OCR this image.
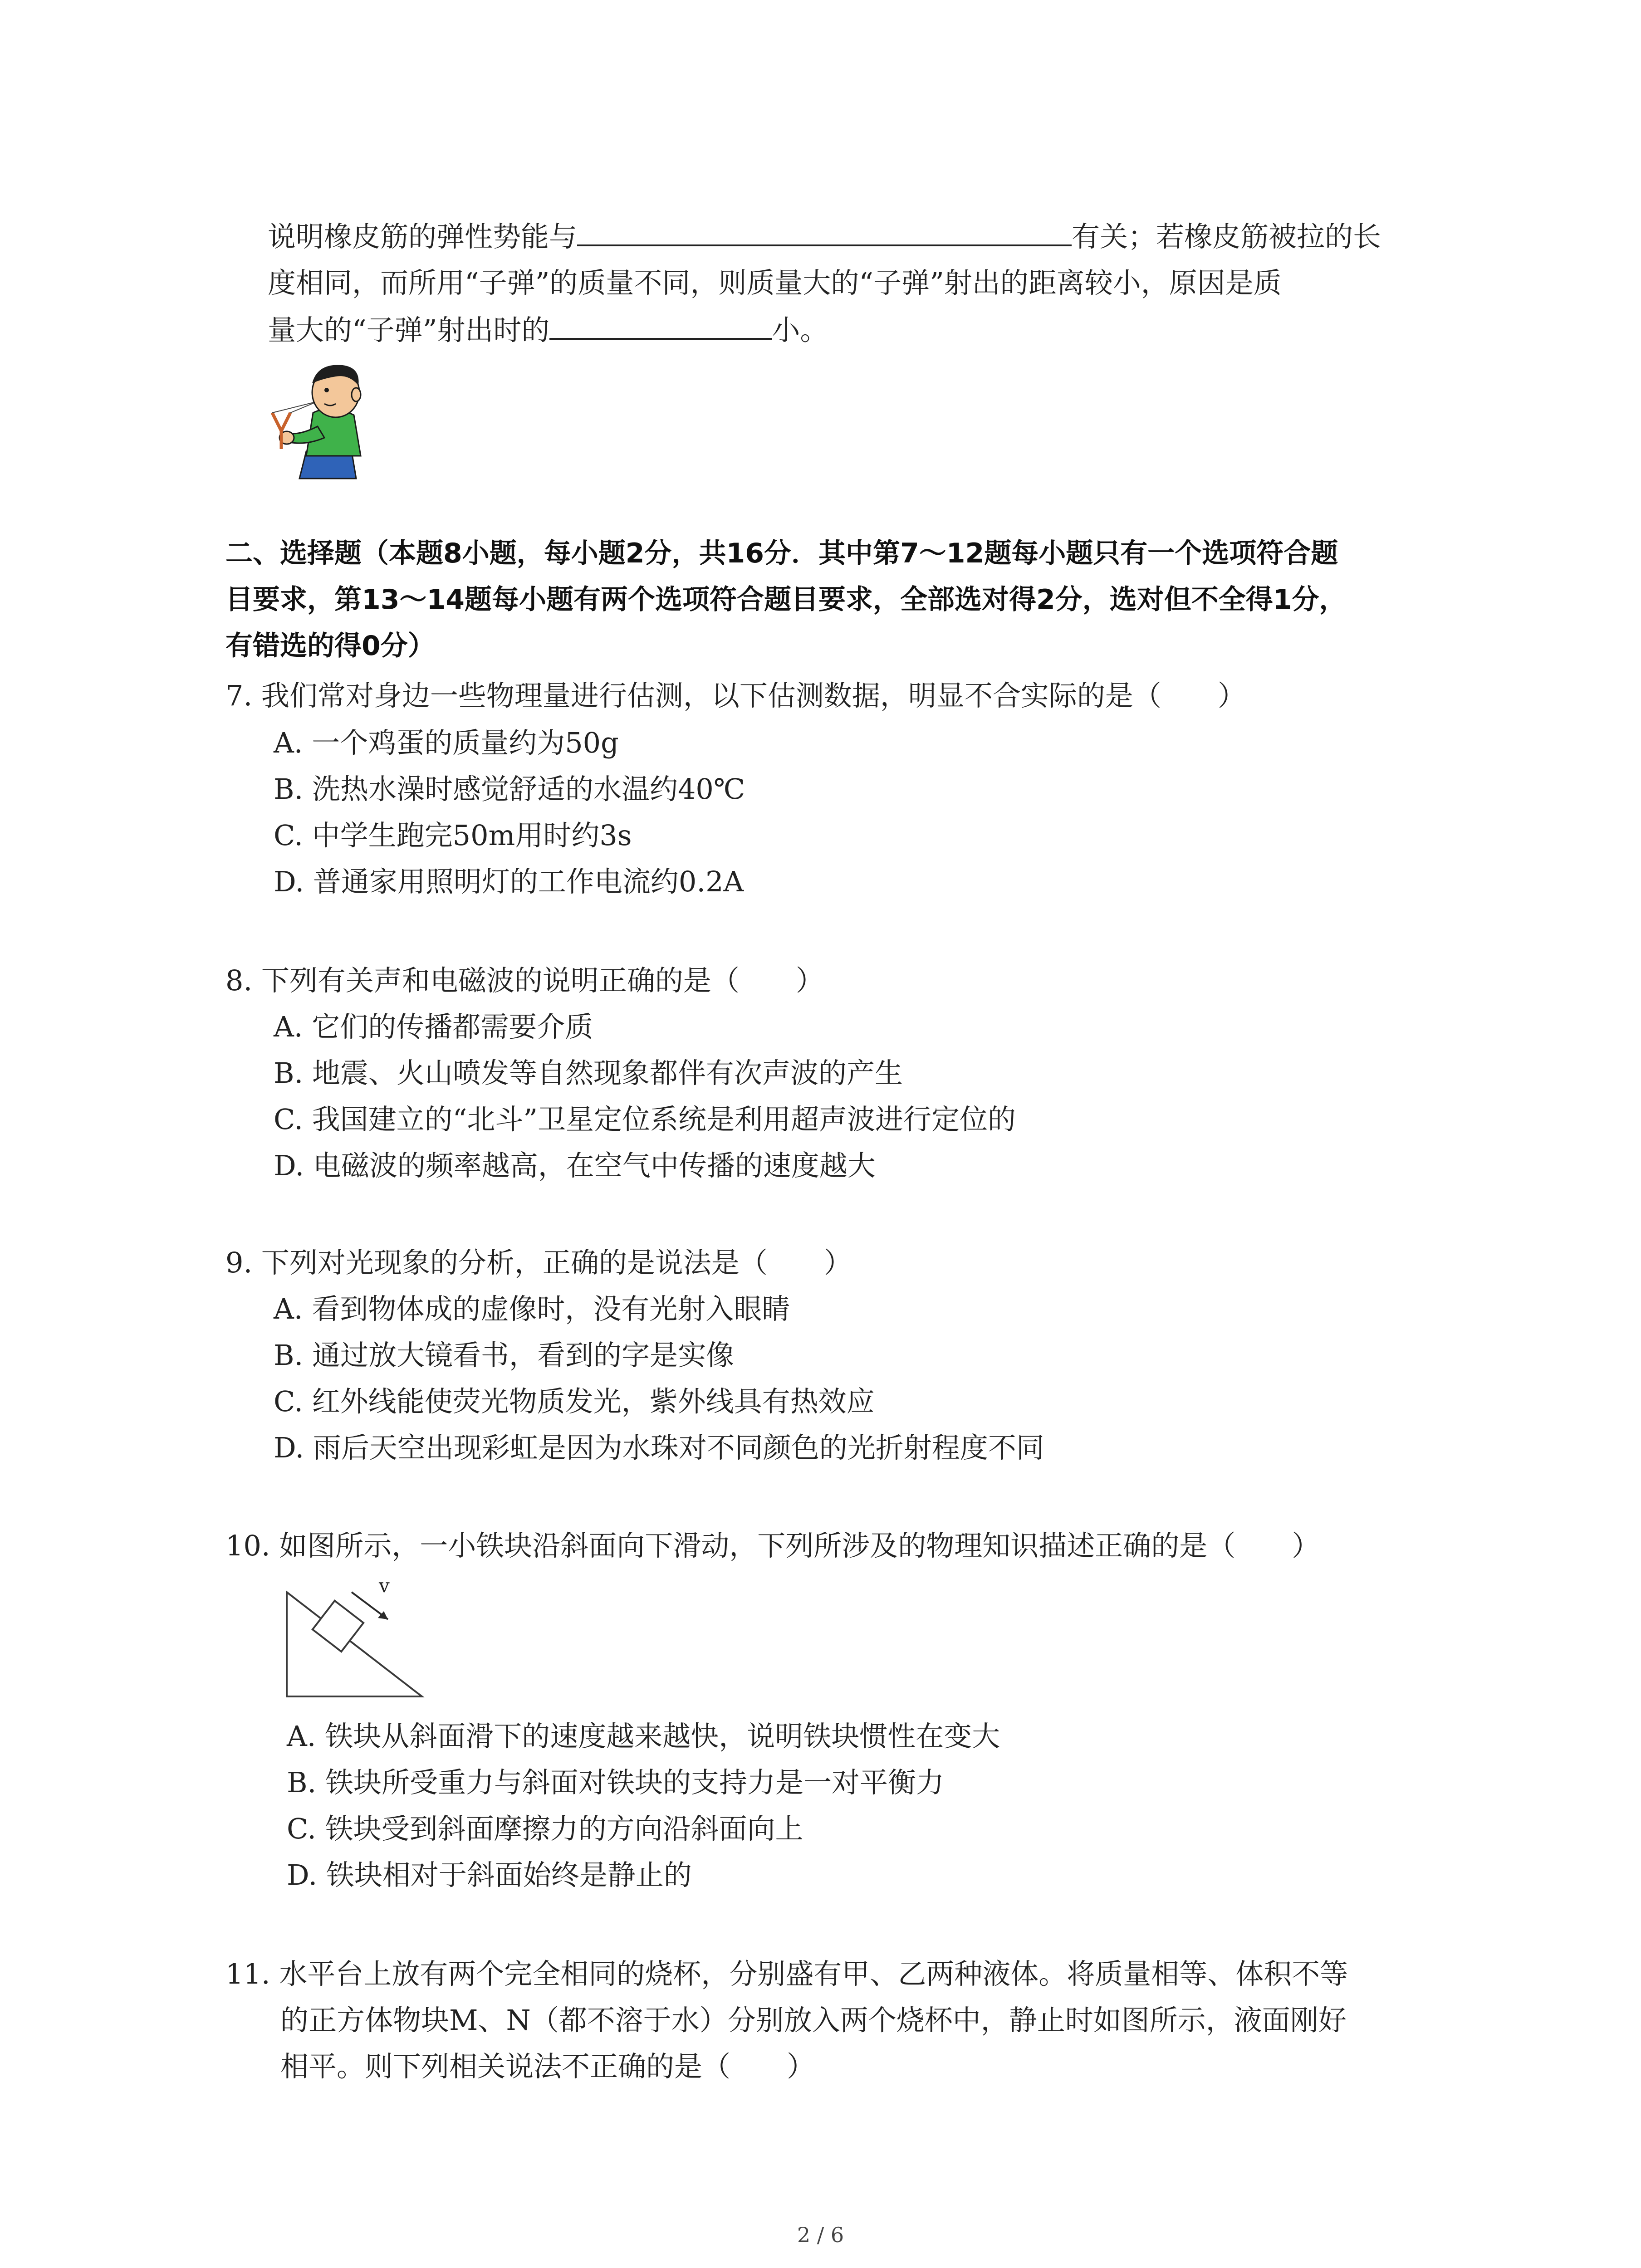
说明橡皮筋的弹性势能与	有关；若橡皮筋被拉的长
度相同，而所用“子弹”的质量不同，则质量大的“子弹”射出的距离较小，原因是质
量大的“子弹”射出时的	小。
二、选择题（本题8小题，每小题2分，共16分．其中第7～12题每小题只有一个选项符合题
目要求，第13～14题每小题有两个选项符合题目要求，全部选对得2分，选对但不全得1分，
有错选的得0分）
7. 我们常对身边一些物理量进行估测，以下估测数据，明显不合实际的是（　　）
A. 一个鸡蛋的质量约为50g
B. 洗热水澡时感觉舒适的水温约40℃
C. 中学生跑完50m用时约3s
D. 普通家用照明灯的工作电流约0.2A
8. 下列有关声和电磁波的说明正确的是（　　）
A. 它们的传播都需要介质
B. 地震、火山喷发等自然现象都伴有次声波的产生
C. 我国建立的“北斗”卫星定位系统是利用超声波进行定位的
D. 电磁波的频率越高，在空气中传播的速度越大
9. 下列对光现象的分析，正确的是说法是（　　）
A. 看到物体成的虚像时，没有光射入眼睛
B. 通过放大镜看书，看到的字是实像
C. 红外线能使荧光物质发光，紫外线具有热效应
D. 雨后天空出现彩虹是因为水珠对不同颜色的光折射程度不同
10. 如图所示，一小铁块沿斜面向下滑动，下列所涉及的物理知识描述正确的是（　　）
v
A. 铁块从斜面滑下的速度越来越快，说明铁块惯性在变大
B. 铁块所受重力与斜面对铁块的支持力是一对平衡力
C. 铁块受到斜面摩擦力的方向沿斜面向上
D. 铁块相对于斜面始终是静止的
11. 水平台上放有两个完全相同的烧杯，分别盛有甲、乙两种液体。将质量相等、体积不等
的正方体物块M、N（都不溶于水）分别放入两个烧杯中，静止时如图所示，液面刚好
相平。则下列相关说法不正确的是（　　）
2 / 6
